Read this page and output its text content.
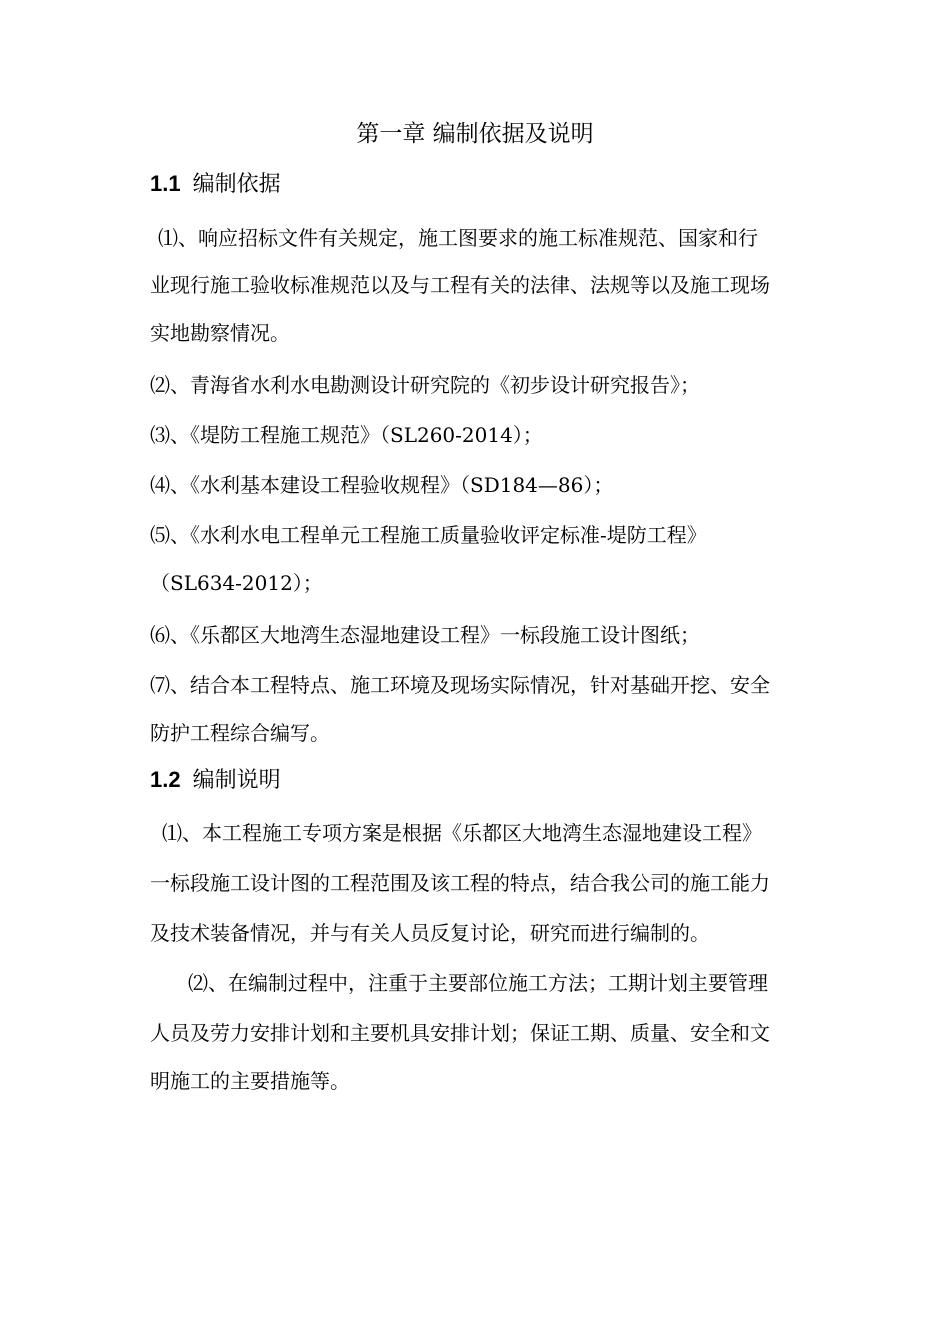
第一章 编制依据及说明
1.1 编制依据
⑴、响应招标文件有关规定，施工图要求的施工标准规范、国家和行
业现行施工验收标准规范以及与工程有关的法律、法规等以及施工现场
实地勘察情况。
⑵、青海省水利水电勘测设计研究院的《初步设计研究报告》；
⑶、《堤防工程施工规范》（SL260-2014）；
⑷、《水利基本建设工程验收规程》（SD184—86）；
⑸、《水利水电工程单元工程施工质量验收评定标准-堤防工程》
（SL634-2012）；
⑹、《乐都区大地湾生态湿地建设工程》一标段施工设计图纸；
⑺、结合本工程特点、施工环境及现场实际情况，针对基础开挖、安全
防护工程综合编写。
1.2 编制说明
⑴、本工程施工专项方案是根据《乐都区大地湾生态湿地建设工程》
一标段施工设计图的工程范围及该工程的特点，结合我公司的施工能力
及技术装备情况，并与有关人员反复讨论，研究而进行编制的。
⑵、在编制过程中，注重于主要部位施工方法；工期计划主要管理
人员及劳力安排计划和主要机具安排计划；保证工期、质量、安全和文
明施工的主要措施等。
